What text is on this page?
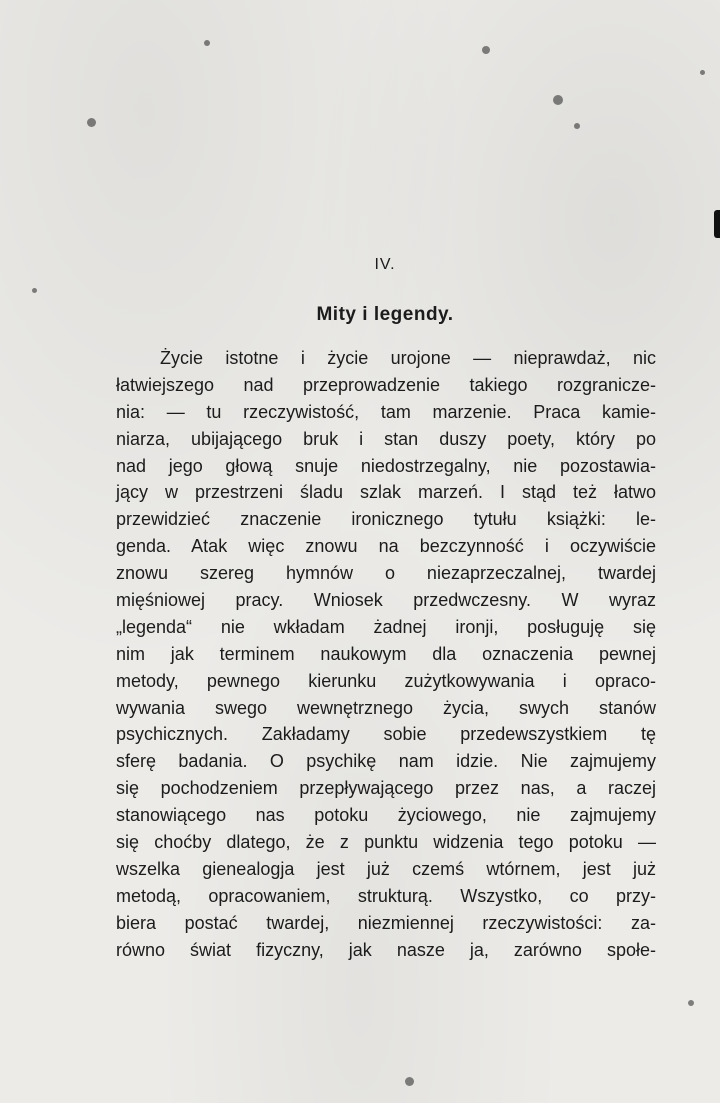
IV.
Mity i legendy.
Życie istotne i życie urojone — nieprawdaż, nic
łatwiejszego nad przeprowadzenie takiego rozgranicze-
nia: — tu rzeczywistość, tam marzenie. Praca kamie-
niarza, ubijającego bruk i stan duszy poety, który po
nad jego głową snuje niedostrzegalny, nie pozostawia-
jący w przestrzeni śladu szlak marzeń. I stąd też łatwo
przewidzieć znaczenie ironicznego tytułu książki: le-
genda. Atak więc znowu na bezczynność i oczywiście
znowu szereg hymnów o niezaprzeczalnej, twardej
mięśniowej pracy. Wniosek przedwczesny. W wyraz
„legenda“ nie wkładam żadnej ironji, posługuję się
nim jak terminem naukowym dla oznaczenia pewnej
metody, pewnego kierunku zużytkowywania i opraco-
wywania swego wewnętrznego życia, swych stanów
psychicznych. Zakładamy sobie przedewszystkiem tę
sferę badania. O psychikę nam idzie. Nie zajmujemy
się pochodzeniem przepływającego przez nas, a raczej
stanowiącego nas potoku życiowego, nie zajmujemy
się choćby dlatego, że z punktu widzenia tego potoku —
wszelka gienealogja jest już czemś wtórnem, jest już
metodą, opracowaniem, strukturą. Wszystko, co przy-
biera postać twardej, niezmiennej rzeczywistości: za-
równo świat fizyczny, jak nasze ja, zarówno społe-
